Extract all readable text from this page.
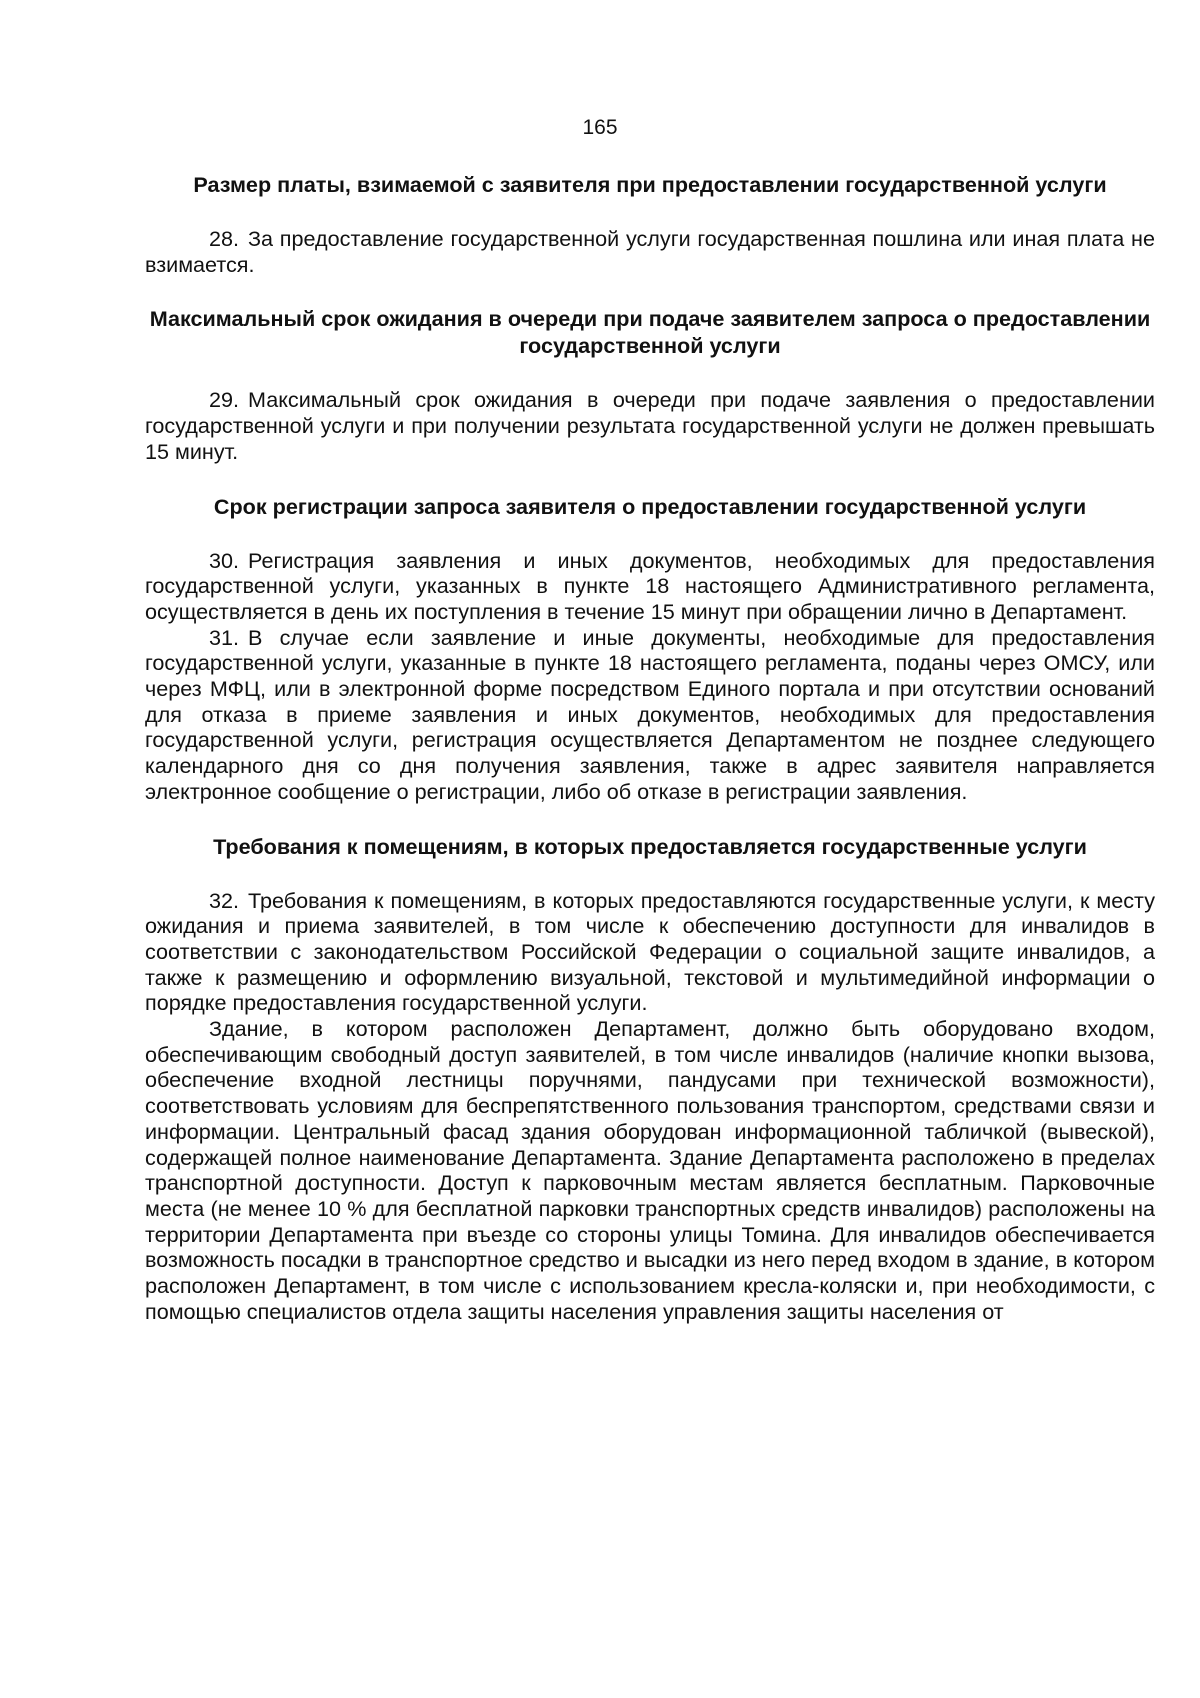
165
Размер платы, взимаемой с заявителя при предоставлении государственной услуги

28. За предоставление государственной услуги государственная пошлина или иная плата не взимается.

Максимальный срок ожидания в очереди при подаче заявителем запроса о предоставлении государственной услуги

29. Максимальный срок ожидания в очереди при подаче заявления о предоставлении государственной услуги и при получении результата государственной услуги не должен превышать 15 минут.

Срок регистрации запроса заявителя о предоставлении государственной услуги

30. Регистрация заявления и иных документов, необходимых для предоставления государственной услуги, указанных в пункте 18 настоящего Административного регламента, осуществляется в день их поступления в течение 15 минут при обращении лично в Департамент.

31. В случае если заявление и иные документы, необходимые для предоставления государственной услуги, указанные в пункте 18 настоящего регламента, поданы через ОМСУ, или через МФЦ, или в электронной форме посредством Единого портала и при отсутствии оснований для отказа в приеме заявления и иных документов, необходимых для предоставления государственной услуги, регистрация осуществляется Департаментом не позднее следующего календарного дня со дня получения заявления, также в адрес заявителя направляется электронное сообщение о регистрации, либо об отказе в регистрации заявления.

Требования к помещениям, в которых предоставляется государственные услуги

32. Требования к помещениям, в которых предоставляются государственные услуги, к месту ожидания и приема заявителей, в том числе к обеспечению доступности для инвалидов в соответствии с законодательством Российской Федерации о социальной защите инвалидов, а также к размещению и оформлению визуальной, текстовой и мультимедийной информации о порядке предоставления государственной услуги.

Здание, в котором расположен Департамент, должно быть оборудовано входом, обеспечивающим свободный доступ заявителей, в том числе инвалидов (наличие кнопки вызова, обеспечение входной лестницы поручнями, пандусами при технической возможности), соответствовать условиям для беспрепятственного пользования транспортом, средствами связи и информации. Центральный фасад здания оборудован информационной табличкой (вывеской), содержащей полное наименование Департамента. Здание Департамента расположено в пределах транспортной доступности. Доступ к парковочным местам является бесплатным. Парковочные места (не менее 10 % для бесплатной парковки транспортных средств инвалидов) расположены на территории Департамента при въезде со стороны улицы Томина. Для инвалидов обеспечивается возможность посадки в транспортное средство и высадки из него перед входом в здание, в котором расположен Департамент, в том числе с использованием кресла-коляски и, при необходимости, с помощью специалистов отдела защиты населения управления защиты населения от
